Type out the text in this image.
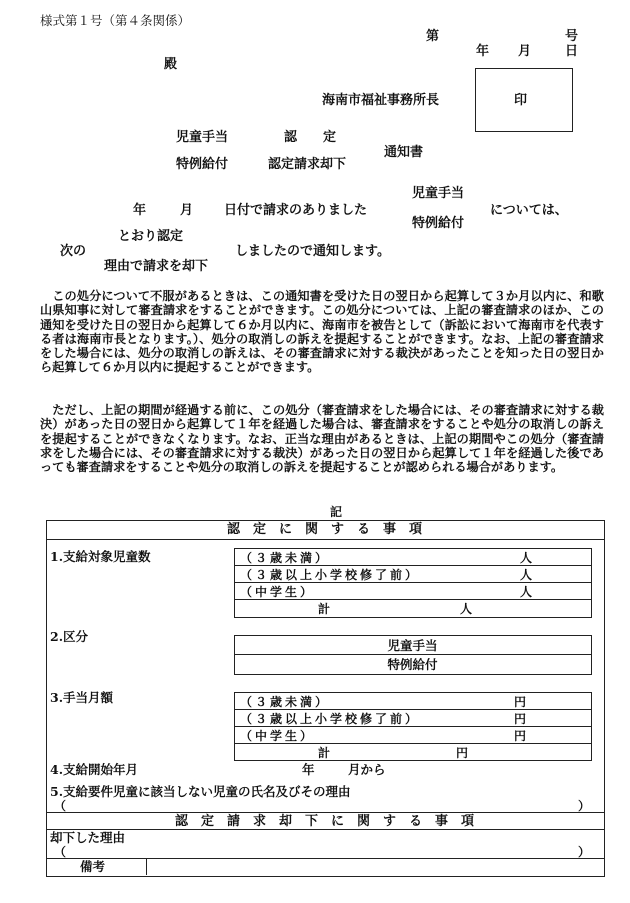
様式第１号（第４条関係）
第	号
年 月	日
殿
海南市福祉事務所長	印
児童手当	認　　定
通知書
特例給付	認定請求却下
児童手当
年	月 日付で請求のありました	については、
特例給付
とおり認定
次の	しましたので通知します。
理由で請求を却下
　この処分について不服があるときは、この通知書を受けた日の翌日から起算して３か月以内に、和歌山県知事に対して審査請求をすることができます。この処分については、上記の審査請求のほか、この通知を受けた日の翌日から起算して６か月以内に、海南市を被告として（訴訟において海南市を代表する者は海南市長となります。）、処分の取消しの訴えを提起することができます。なお、上記の審査請求をした場合には、処分の取消しの訴えは、その審査請求に対する裁決があったことを知った日の翌日から起算して６か月以内に提起することができます。
　ただし、上記の期間が経過する前に、この処分（審査請求をした場合には、その審査請求に対する裁決）があった日の翌日から起算して１年を経過した場合は、審査請求をすることや処分の取消しの訴えを提起することができなくなります。なお、正当な理由があるときは、上記の期間やこの処分（審査請求をした場合には、その審査請求に対する裁決）があった日の翌日から起算して１年を経過した後であっても審査請求をすることや処分の取消しの訴えを提起することが認められる場合があります。
記
認　定　に　関　す　る　事　項
1.支給対象児童数	（３歳未満）	人
（３歳以上小学校修了前）	人
（中学生）	人
計	人
2.区分
児童手当
特例給付
3.手当月額	（３歳未満）	円
（３歳以上小学校修了前）	円
（中学生）	円
計	円
4.支給開始年月	年	月から
5.支給要件児童に該当しない児童の氏名及びその理由
（	）
認　定　請　求　却　下　に　関　す　る　事　項
却下した理由
（	）
備考
